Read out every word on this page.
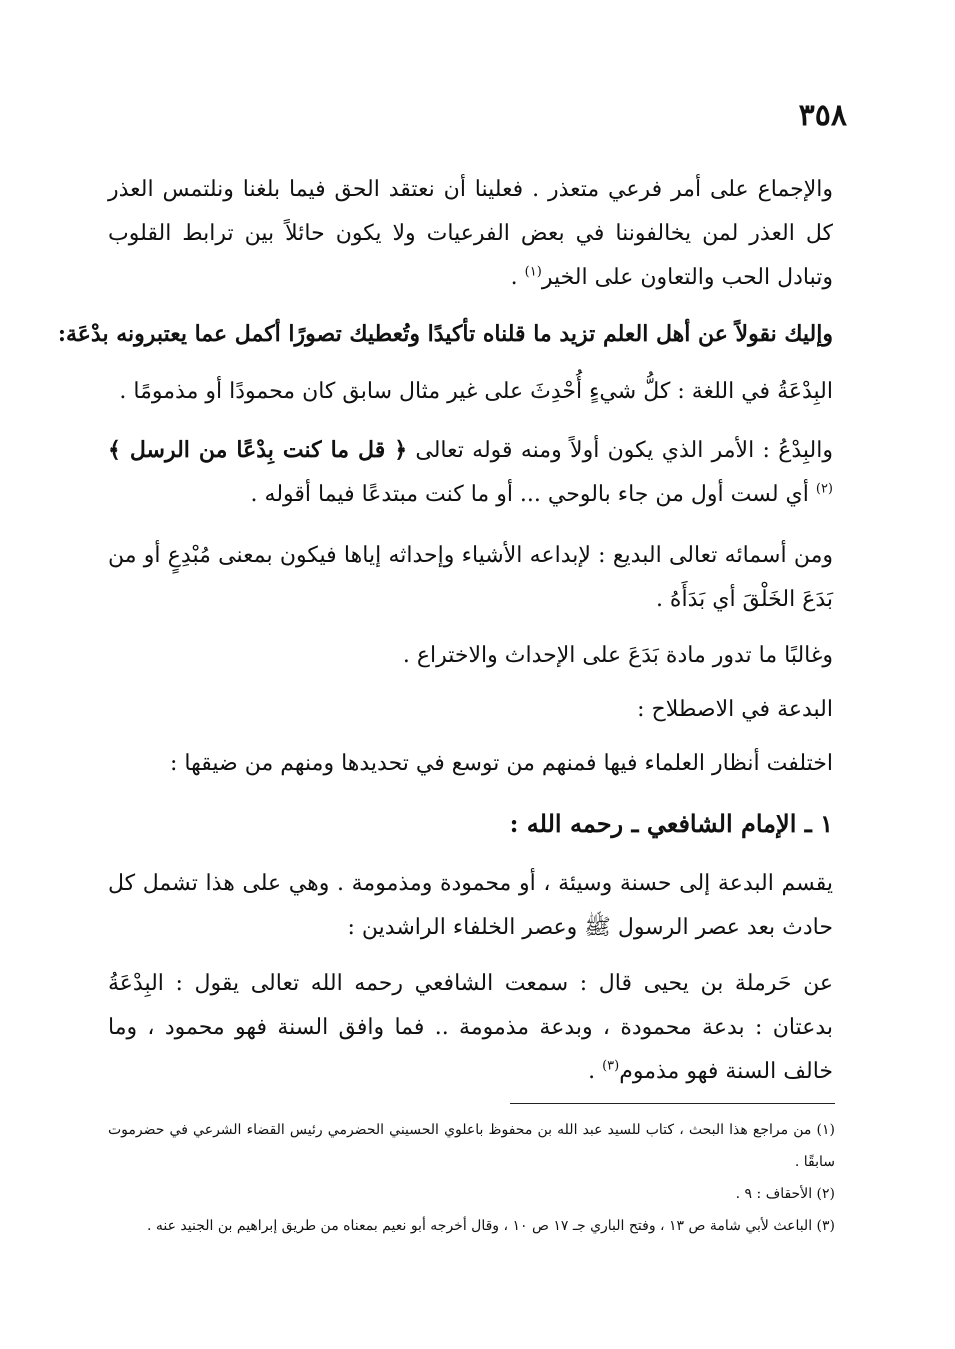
٣٥٨
والإجماع على أمر فرعي متعذر . فعلينا أن نعتقد الحق فيما بلغنا ونلتمس العذر كل العذر لمن يخالفوننا في بعض الفرعيات ولا يكون حائلاً بين ترابط القلوب وتبادل الحب والتعاون على الخير$^{(١)}$ .
وإليك نقولاً عن أهل العلم تزيد ما قلناه تأكيدًا وتُعطيك تصورًا أكمل عما يعتبرونه بدْعَة:
البِدْعَةُ في اللغة : كلُّ شيءٍ أُحْدِثَ على غير مثال سابق كان محمودًا أو مذمومًا .
والبِدْعُ : الأمر الذي يكون أولاً ومنه قوله تعالى ﴿ قل ما كنت بِدْعًا من الرسل ﴾ $^{(٢)}$ أي لست أول من جاء بالوحي ... أو ما كنت مبتدعًا فيما أقوله .
ومن أسمائه تعالى البديع : لإبداعه الأشياء وإحداثه إياها فيكون بمعنى مُبْدِعٍ أو من بَدَعَ الخَلْقَ أي بَدَأَهُ .
وغالبًا ما تدور مادة بَدَعَ على الإحداث والاختراع .
البدعة في الاصطلاح :
اختلفت أنظار العلماء فيها فمنهم من توسع في تحديدها ومنهم من ضيقها :
١ ـ الإمام الشافعي ـ رحمه الله :
يقسم البدعة إلى حسنة وسيئة ، أو محمودة ومذمومة . وهي على هذا تشمل كل حادث بعد عصر الرسول ﷺ وعصر الخلفاء الراشدين :
عن حَرملة بن يحيى قال : سمعت الشافعي رحمه الله تعالى يقول : البِدْعَةُ بدعتان : بدعة محمودة ، وبدعة مذمومة .. فما وافق السنة فهو محمود ، وما خالف السنة فهو مذموم$^{(٣)}$ .
(١) من مراجع هذا البحث ، كتاب للسيد عبد الله بن محفوظ باعلوي الحسيني الحضرمي رئيس القضاء الشرعي في حضرموت سابقًا .
(٢) الأحقاف : ٩ .
(٣) الباعث لأبي شامة ص ١٣ ، وفتح الباري جـ ١٧ ص ١٠ ، وقال أخرجه أبو نعيم بمعناه من طريق إبراهيم بن الجنيد عنه .
